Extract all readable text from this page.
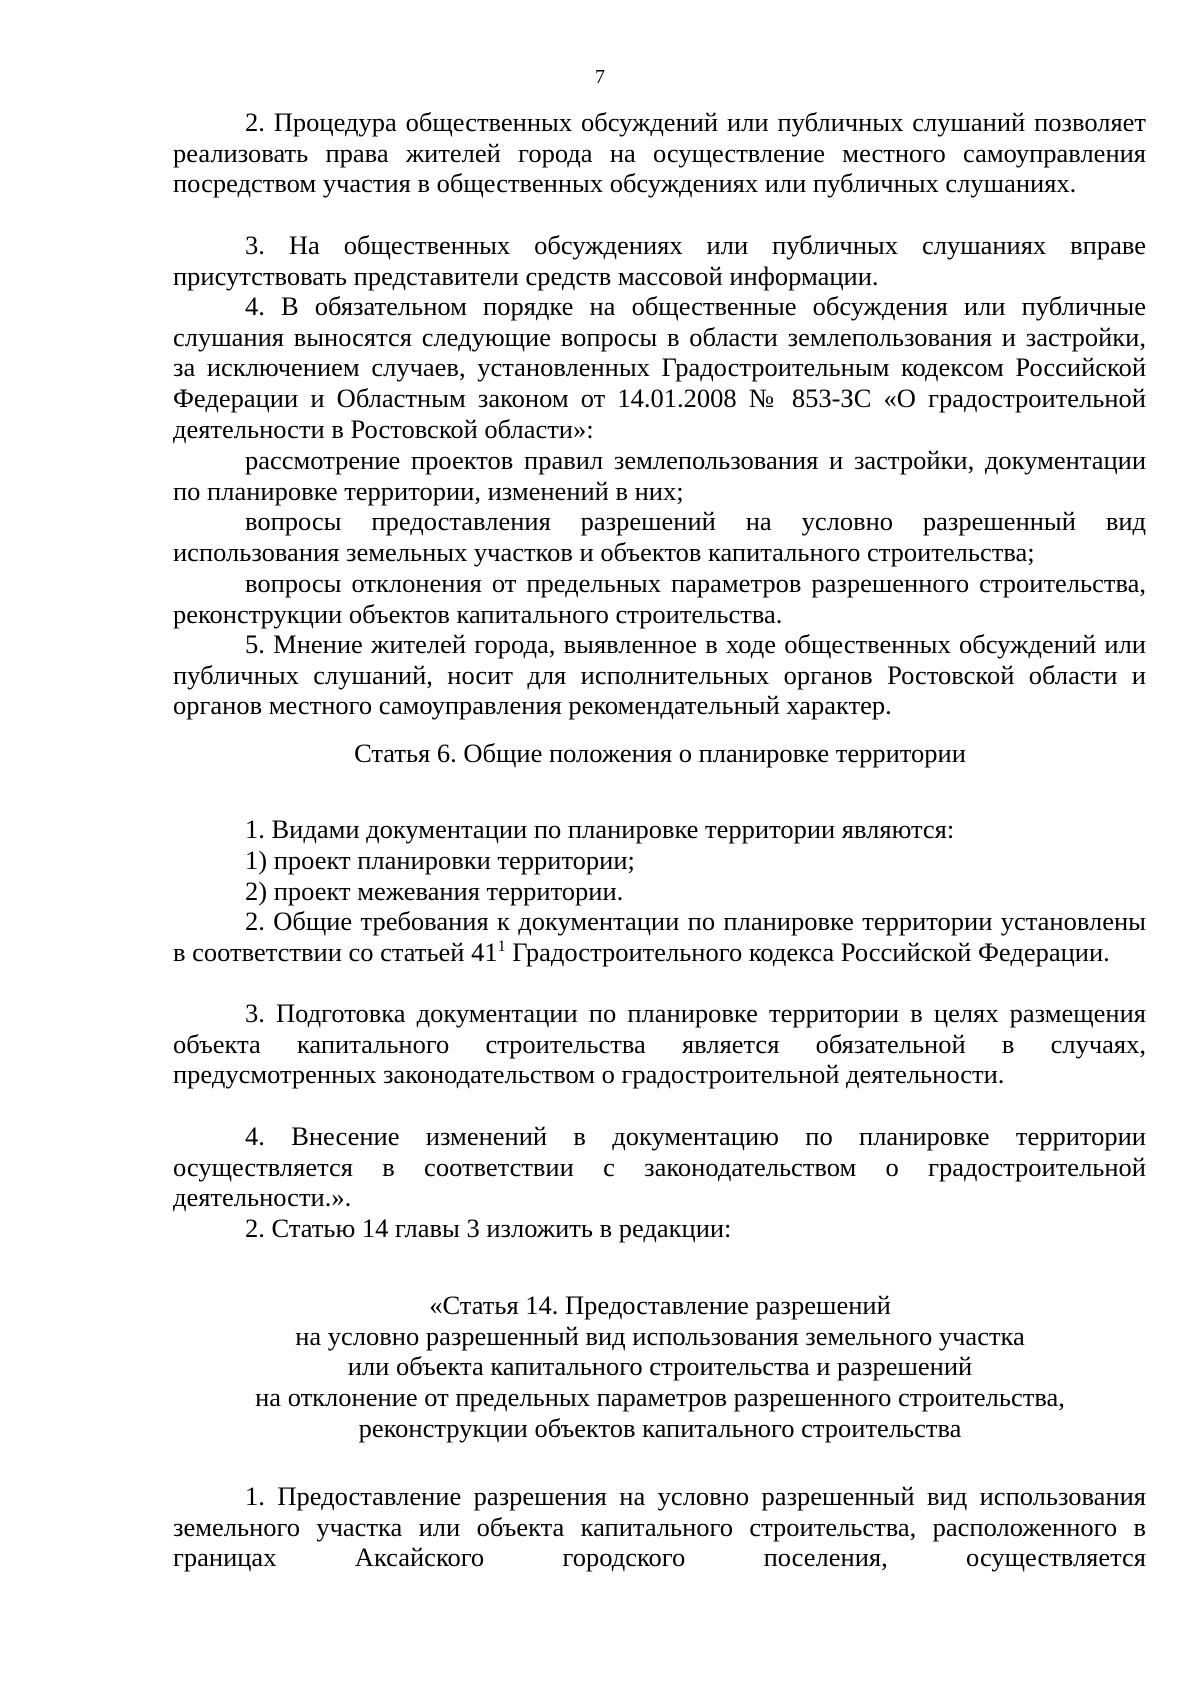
7

2. Процедура общественных обсуждений или публичных слушаний позволяет реализовать права жителей города на осуществление местного самоуправления посредством участия в общественных обсуждениях или публичных слушаниях.

3. На общественных обсуждениях или публичных слушаниях вправе присутствовать представители средств массовой информации.

4. В обязательном порядке на общественные обсуждения или публичные слушания выносятся следующие вопросы в области землепользования и застройки, за исключением случаев, установленных Градостроительным кодексом Российской Федерации и Областным законом от 14.01.2008 № 853-ЗС «О градостроительной деятельности в Ростовской области»:

рассмотрение проектов правил землепользования и застройки, документации по планировке территории, изменений в них;

вопросы предоставления разрешений на условно разрешенный вид использования земельных участков и объектов капитального строительства;

вопросы отклонения от предельных параметров разрешенного строительства, реконструкции объектов капитального строительства.

5. Мнение жителей города, выявленное в ходе общественных обсуждений или публичных слушаний, носит для исполнительных органов Ростовской области и органов местного самоуправления рекомендательный характер.

Статья 6. Общие положения о планировке территории

1. Видами документации по планировке территории являются:

1) проект планировки территории;

2) проект межевания территории.

2. Общие требования к документации по планировке территории установлены в соответствии со статьей $41^1$ Градостроительного кодекса Российской Федерации.

3. Подготовка документации по планировке территории в целях размещения объекта капитального строительства является обязательной в случаях, предусмотренных законодательством о градостроительной деятельности.

4. Внесение изменений в документацию по планировке территории осуществляется в соответствии с законодательством о градостроительной деятельности.».

2. Статью 14 главы 3 изложить в редакции:

«Статья 14. Предоставление разрешений
на условно разрешенный вид использования земельного участка
или объекта капитального строительства и разрешений
на отклонение от предельных параметров разрешенного строительства,
реконструкции объектов капитального строительства

1. Предоставление разрешения на условно разрешенный вид использования земельного участка или объекта капитального строительства, расположенного в границах Аксайского городского поселения, осуществляется
